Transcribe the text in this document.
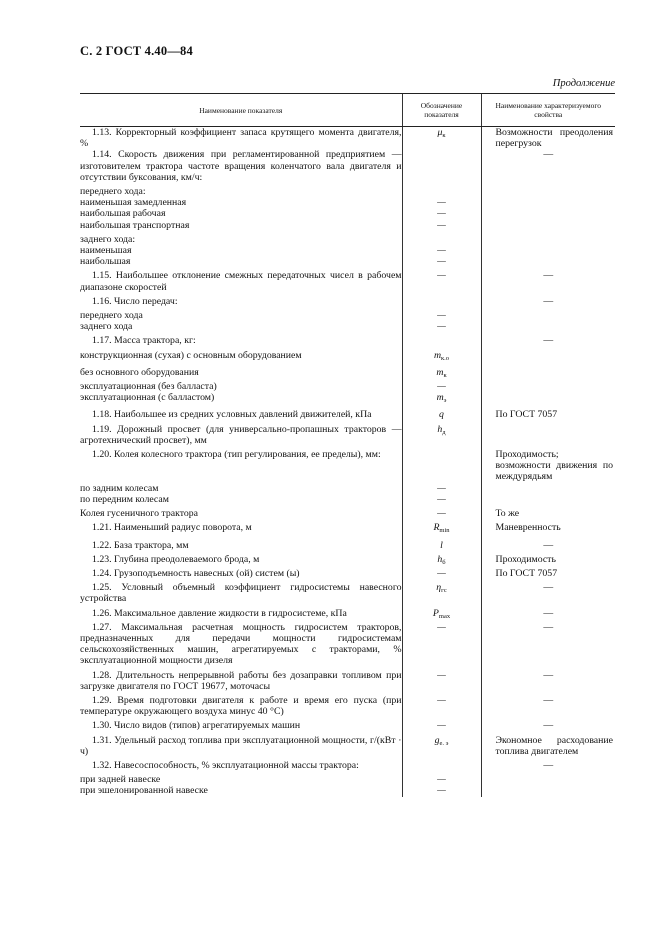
С. 2 ГОСТ 4.40—84
Продолжение
Наименование показателя	Обозначение показателя	Наименование характеризуемого свойства
1.13. Корректорный коэффициент запаса крутящего момента двигателя, %	$\mu_к$	Возможности преодоления перегрузок
1.14. Скорость движения при регламентированной предприятием — изготовителем трактора частоте вращения коленчатого вала двигателя и отсутствии буксования, км/ч:		—

переднего хода:		
наименьшая замедленная	—	
наибольшая рабочая	—	
наибольшая транспортная	—	
заднего хода:		
наименьшая	—	
наибольшая	—	
1.15. Наибольшее отклонение смежных передаточных чисел в рабочем диапазоне скоростей	—	—

1.16. Число передач:		—

переднего хода	—	
заднего хода	—	
1.17. Масса трактора, кг:		—

конструкционная (сухая) с основным оборудованием	$m_{к.о}$	
без основного оборудования	$m_к$	
эксплуатационная (без балласта)	—	
эксплуатационная (с балластом)	$m_э$	
1.18. Наибольшее из средних условных давлений движителей, кПа	q	По ГОСТ 7057
1.19. Дорожный просвет (для универсально-пропашных тракторов — агротехнический просвет), мм	$h_д$	
1.20. Колея колесного трактора (тип регулирования, ее пределы), мм:		Проходимость; возможности движения по междурядьям
по задним колесам	—	
по передним колесам	—	
Колея гусеничного трактора	—	То же
1.21. Наименьший радиус поворота, м	$R_{min}$	Маневренность
1.22. База трактора, мм	l	—

1.23. Глубина преодолеваемого брода, м	$h_б$	Проходимость
1.24. Грузоподъемность навесных (ой) систем (ы)	—	По ГОСТ 7057
1.25. Условный объемный коэффициент гидросистемы навесного устройства	$\eta_{гс}$	—

1.26. Максимальное давление жидкости в гидросистеме, кПа	$P_{max}$	—

1.27. Максимальная расчетная мощность гидросистем тракторов, предназначенных для передачи мощности гидросистемам сельскохозяйственных машин, агрегатируемых с тракторами, % эксплуатационной мощности дизеля	—	—

1.28. Длительность непрерывной работы без дозаправки топливом при загрузке двигателя по ГОСТ 19677, моточасы	—	—

1.29. Время подготовки двигателя к работе и время его пуска (при температуре окружающего воздуха минус 40 °С)	—	—

1.30. Число видов (типов) агрегатируемых машин	—	—

1.31. Удельный расход топлива при эксплуатационной мощности, г/(кВт · ч)	$g_{е. э}$	Экономное расходование топлива двигателем
1.32. Навесоспособность, % эксплуатационной массы трактора:		—

при задней навеске	—	
при эшелонированной навеске	—	
